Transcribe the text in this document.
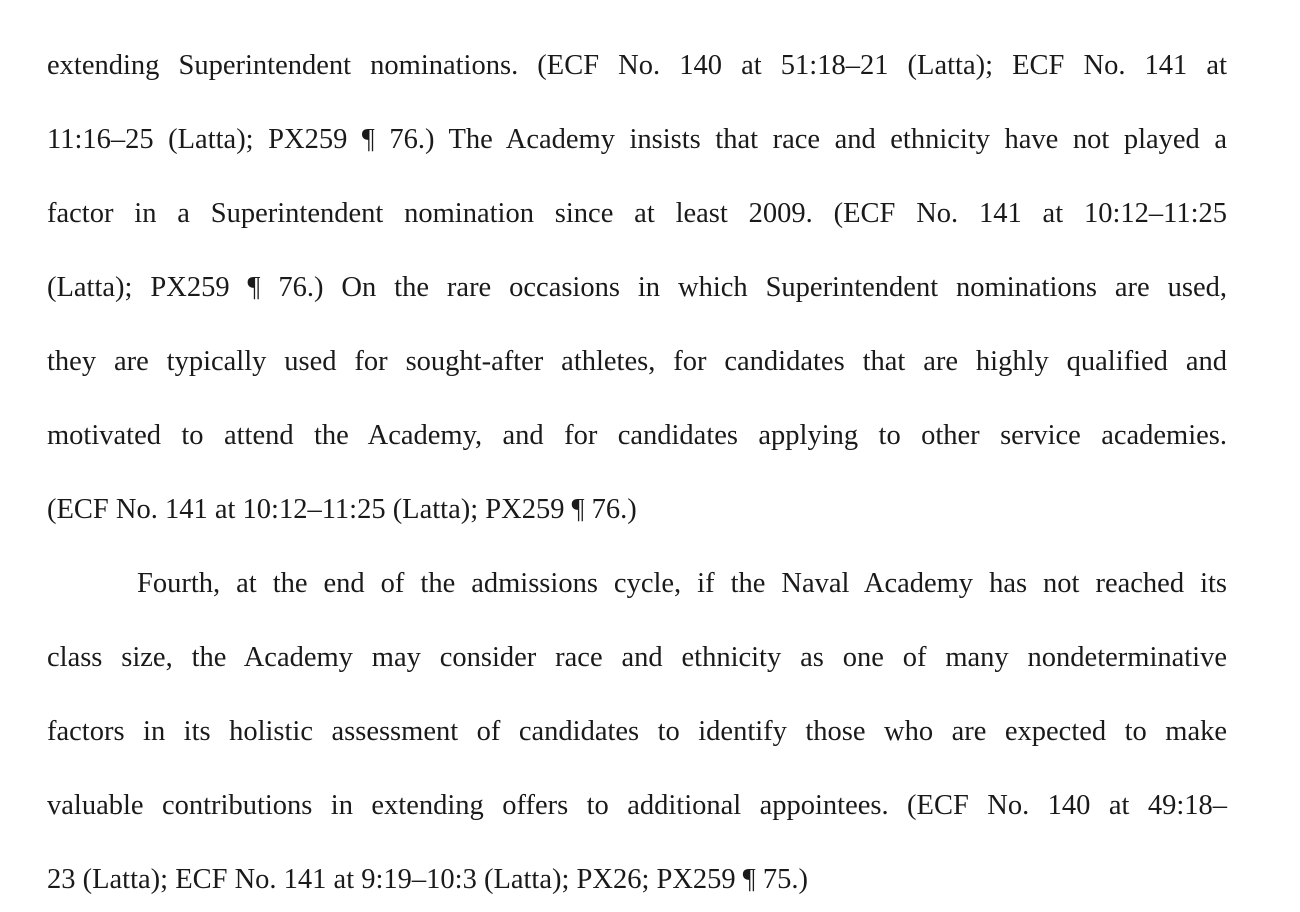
extending Superintendent nominations. (ECF No. 140 at 51:18–21 (Latta); ECF No. 141 at
11:16–25 (Latta); PX259 ¶ 76.) The Academy insists that race and ethnicity have not played a
factor in a Superintendent nomination since at least 2009. (ECF No. 141 at 10:12–11:25
(Latta); PX259 ¶ 76.) On the rare occasions in which Superintendent nominations are used,
they are typically used for sought-after athletes, for candidates that are highly qualified and
motivated to attend the Academy, and for candidates applying to other service academies.
(ECF No. 141 at 10:12–11:25 (Latta); PX259 ¶ 76.)
Fourth, at the end of the admissions cycle, if the Naval Academy has not reached its
class size, the Academy may consider race and ethnicity as one of many nondeterminative
factors in its holistic assessment of candidates to identify those who are expected to make
valuable contributions in extending offers to additional appointees. (ECF No. 140 at 49:18–
23 (Latta); ECF No. 141 at 9:19–10:3 (Latta); PX26; PX259 ¶ 75.)
